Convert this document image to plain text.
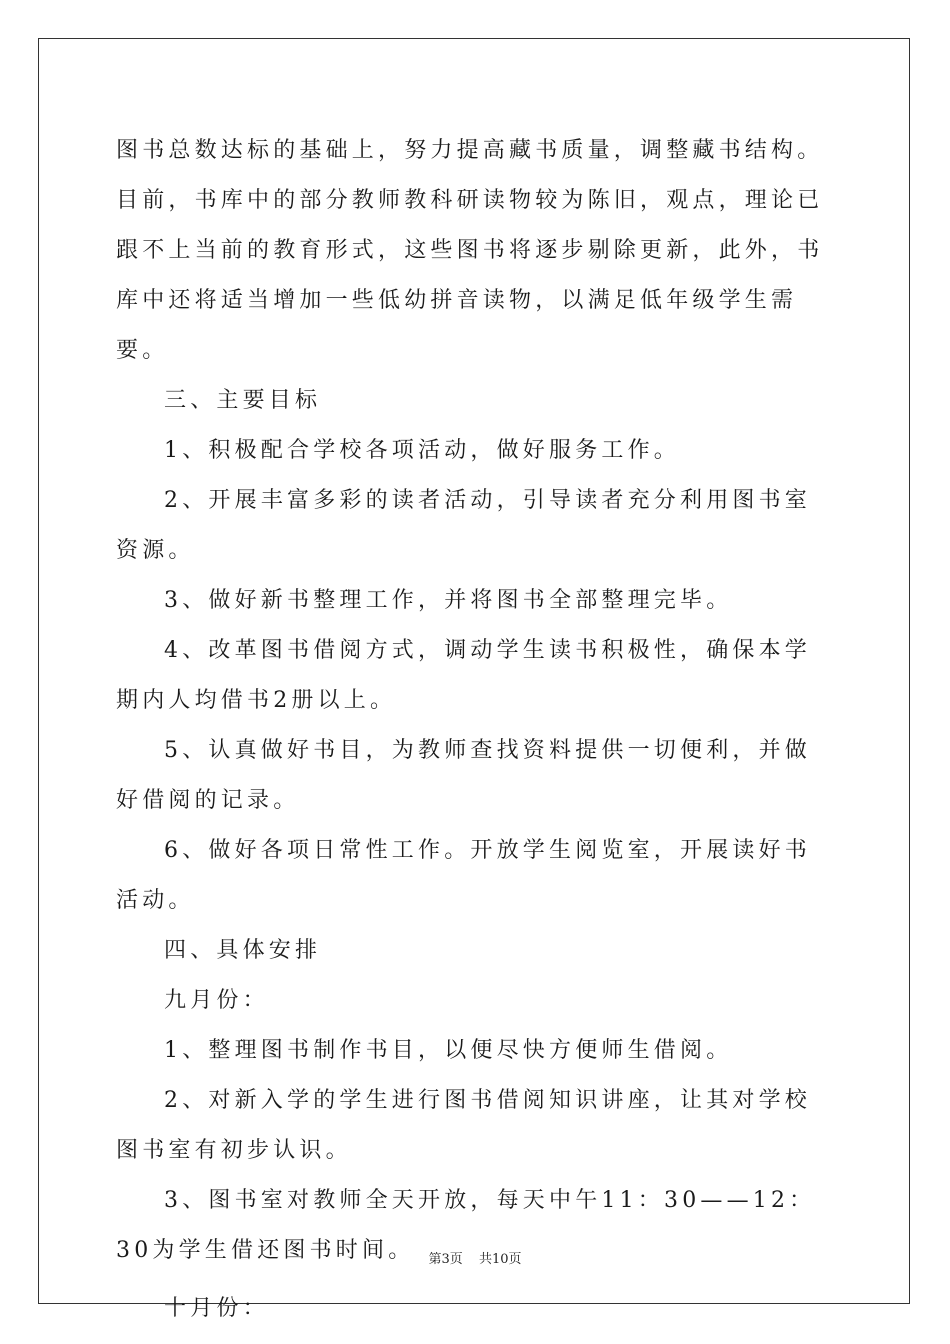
图书总数达标的基础上，努力提高藏书质量，调整藏书结构。目前，书库中的部分教师教科研读物较为陈旧，观点，理论已跟不上当前的教育形式，这些图书将逐步剔除更新，此外，书库中还将适当增加一些低幼拼音读物，以满足低年级学生需要。

三、主要目标

1、积极配合学校各项活动，做好服务工作。

2、开展丰富多彩的读者活动，引导读者充分利用图书室资源。

3、做好新书整理工作，并将图书全部整理完毕。

4、改革图书借阅方式，调动学生读书积极性，确保本学期内人均借书2册以上。

5、认真做好书目，为教师查找资料提供一切便利，并做好借阅的记录。

6、做好各项日常性工作。开放学生阅览室，开展读好书活动。

四、具体安排

九月份：

1、整理图书制作书目，以便尽快方便师生借阅。

2、对新入学的学生进行图书借阅知识讲座，让其对学校图书室有初步认识。

3、图书室对教师全天开放，每天中午11：30——12：30为学生借还图书时间。

十月份：

第3页 共10页
